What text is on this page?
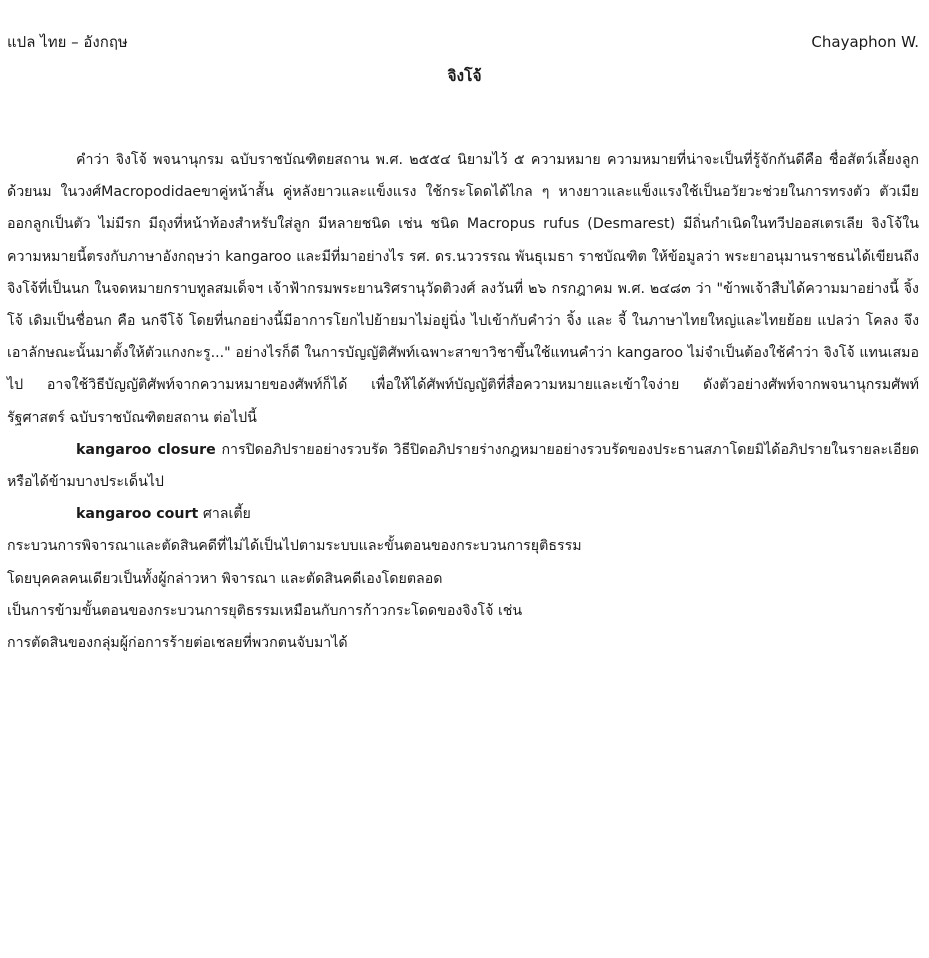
แปล ไทย – อังกฤษ	Chayaphon W.
จิงโจ้

คำว่า จิงโจ้ พจนานุกรม ฉบับราชบัณฑิตยสถาน พ.ศ. ๒๕๕๔ นิยามไว้ ๕ ความหมาย ความหมายที่น่าจะเป็นที่รู้จักกันดีคือ ชื่อสัตว์เลี้ยงลูกด้วยนม ในวงศ์Macropodidaeขาคู่หน้าสั้น คู่หลังยาวและแข็งแรง ใช้กระโดดได้ไกล ๆ หางยาวและแข็งแรงใช้เป็นอวัยวะช่วยในการทรงตัว ตัวเมียออกลูกเป็นตัว ไม่มีรก มีถุงที่หน้าท้องสำหรับใส่ลูก มีหลายชนิด เช่น ชนิด Macropus rufus (Desmarest) มีถิ่นกำเนิดในทวีปออสเตรเลีย จิงโจ้ในความหมายนี้ตรงกับภาษาอังกฤษว่า kangaroo และมีที่มาอย่างไร รศ. ดร.นววรรณ พันธุเมธา ราชบัณฑิต ให้ข้อมูลว่า พระยาอนุมานราชธนได้เขียนถึงจิงโจ้ที่เป็นนก ในจดหมายกราบทูลสมเด็จฯ เจ้าฟ้ากรมพระยานริศรานุวัดติวงศ์ ลงวันที่ ๒๖ กรกฎาคม พ.ศ. ๒๔๘๓ ว่า "ข้าพเจ้าสืบได้ความมาอย่างนี้ จิ้งโจ้ เดิมเป็นชื่อนก คือ นกจีโจ้ โดยที่นกอย่างนี้มีอาการโยกไปย้ายมาไม่อยู่นิ่ง ไปเข้ากับคำว่า จิ้ง และ จี้ ในภาษาไทยใหญ่และไทยย้อย แปลว่า โคลง จึงเอาลักษณะนั้นมาตั้งให้ตัวแกงกะรู..." อย่างไรก็ดี ในการบัญญัติศัพท์เฉพาะสาขาวิชาขึ้นใช้แทนคำว่า kangaroo ไม่จำเป็นต้องใช้คำว่า จิงโจ้ แทนเสมอไป อาจใช้วิธีบัญญัติศัพท์จากความหมายของศัพท์ก็ได้ เพื่อให้ได้ศัพท์บัญญัติที่สื่อความหมายและเข้าใจง่าย ดังตัวอย่างศัพท์จากพจนานุกรมศัพท์รัฐศาสตร์ ฉบับราชบัณฑิตยสถาน ต่อไปนี้

kangaroo closure การปิดอภิปรายอย่างรวบรัด วิธีปิดอภิปรายร่างกฎหมายอย่างรวบรัดของประธานสภาโดยมิได้อภิปรายในรายละเอียดหรือได้ข้ามบางประเด็นไป

kangaroo court ศาลเตี้ย

กระบวนการพิจารณาและตัดสินคดีที่ไม่ได้เป็นไปตามระบบและขั้นตอนของกระบวนการยุติธรรม

โดยบุคคลคนเดียวเป็นทั้งผู้กล่าวหา พิจารณา และตัดสินคดีเองโดยตลอด

เป็นการข้ามขั้นตอนของกระบวนการยุติธรรมเหมือนกับการก้าวกระโดดของจิงโจ้ เช่น

การตัดสินของกลุ่มผู้ก่อการร้ายต่อเชลยที่พวกตนจับมาได้
